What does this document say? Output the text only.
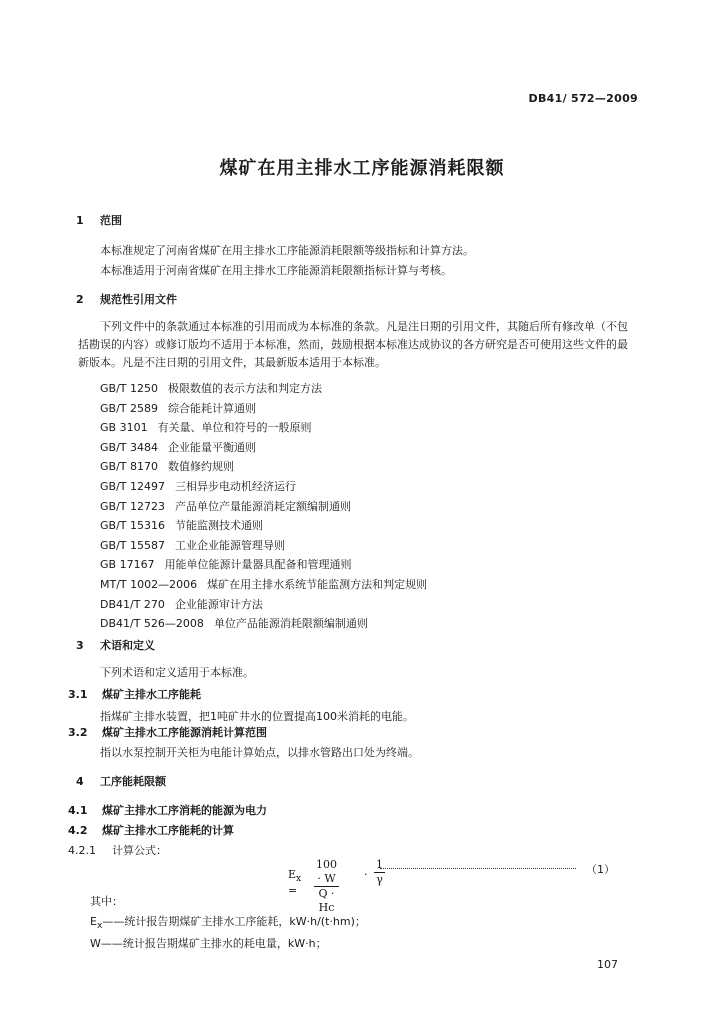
DB41/ 572—2009
煤矿在用主排水工序能源消耗限额
1 范围
本标准规定了河南省煤矿在用主排水工序能源消耗限额等级指标和计算方法。
本标准适用于河南省煤矿在用主排水工序能源消耗限额指标计算与考核。
2 规范性引用文件
下列文件中的条款通过本标准的引用而成为本标准的条款。凡是注日期的引用文件，其随后所有修改单（不包括勘误的内容）或修订版均不适用于本标准，然而，鼓励根据本标准达成协议的各方研究是否可使用这些文件的最新版本。凡是不注日期的引用文件，其最新版本适用于本标准。
GB/T 1250 极限数值的表示方法和判定方法
GB/T 2589 综合能耗计算通则
GB 3101 有关量、单位和符号的一般原则
GB/T 3484 企业能量平衡通则
GB/T 8170 数值修约规则
GB/T 12497 三相异步电动机经济运行
GB/T 12723 产品单位产量能源消耗定额编制通则
GB/T 15316 节能监测技术通则
GB/T 15587 工业企业能源管理导则
GB 17167 用能单位能源计量器具配备和管理通则
MT/T 1002—2006 煤矿在用主排水系统节能监测方法和判定规则
DB41/T 270 企业能源审计方法
DB41/T 526—2008 单位产品能源消耗限额编制通则
3 术语和定义
下列术语和定义适用于本标准。
3.1 煤矿主排水工序能耗
指煤矿主排水装置，把1吨矿井水的位置提高100米消耗的电能。
3.2 煤矿主排水工序能源消耗计算范围
指以水泵控制开关柜为电能计算始点，以排水管路出口处为终端。
4 工序能耗限额
4.1 煤矿主排水工序消耗的能源为电力
4.2 煤矿主排水工序能耗的计算
4.2.1 计算公式：
$E_x$ =	$\frac{100 \cdot W}{Q \cdot Hc} \cdot \frac{1}{\gamma}$	（1）
其中：
$E_x——$统计报告期煤矿主排水工序能耗，kW·h/(t·hm)；
W——统计报告期煤矿主排水的耗电量，kW·h；
107
